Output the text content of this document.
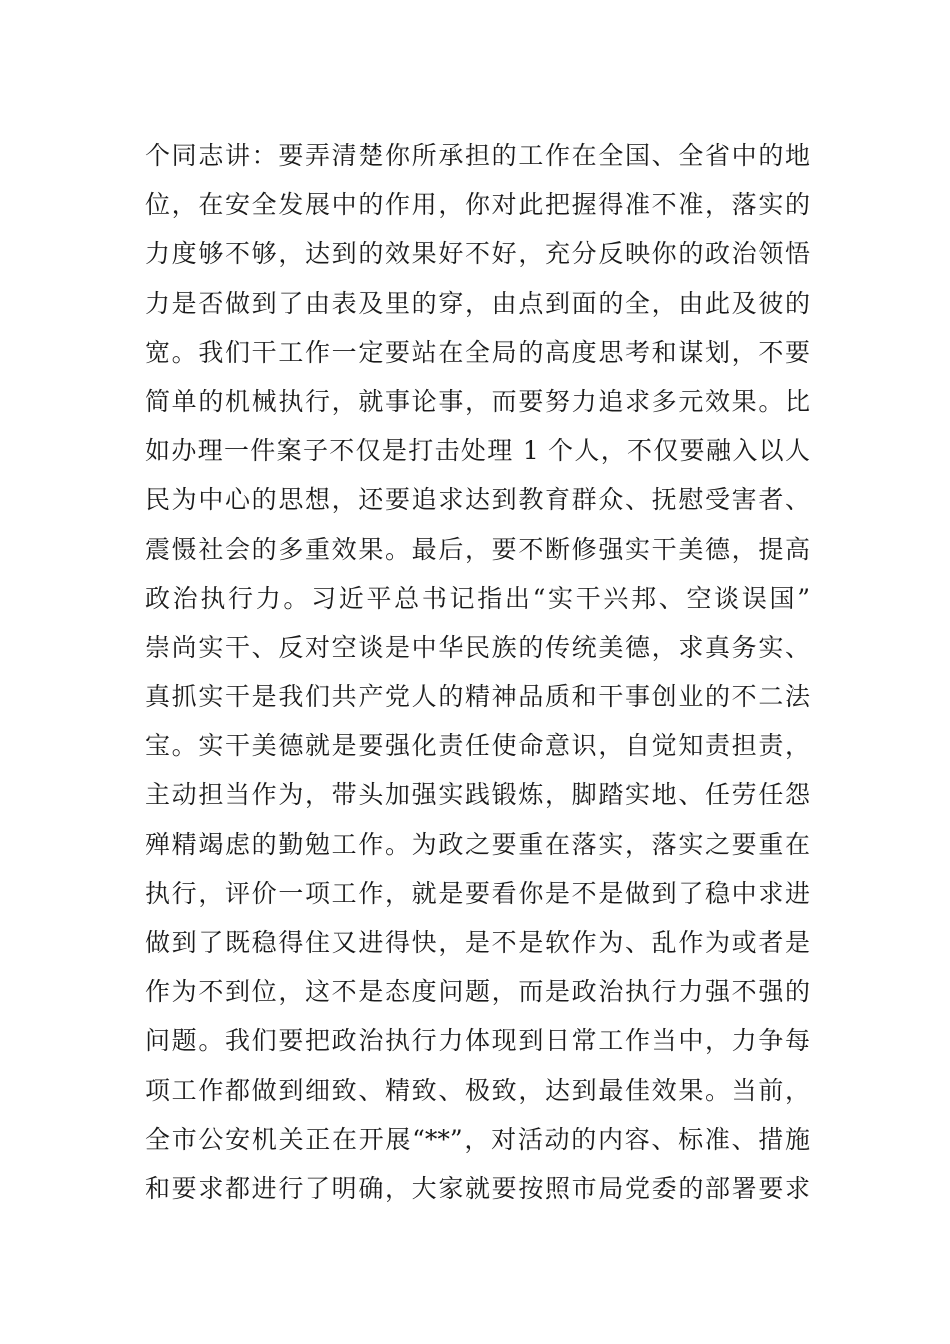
个同志讲：要弄清楚你所承担的工作在全国、全省中的地
位，在安全发展中的作用，你对此把握得准不准，落实的
力度够不够，达到的效果好不好，充分反映你的政治领悟
力是否做到了由表及里的穿，由点到面的全，由此及彼的
宽。我们干工作一定要站在全局的高度思考和谋划，不要
简单的机械执行，就事论事，而要努力追求多元效果。比
如办理一件案子不仅是打击处理 1 个人，不仅要融入以人
民为中心的思想，还要追求达到教育群众、抚慰受害者、
震慑社会的多重效果。最后，要不断修强实干美德，提高
政治执行力。习近平总书记指出“实干兴邦、空谈误国”
崇尚实干、反对空谈是中华民族的传统美德，求真务实、
真抓实干是我们共产党人的精神品质和干事创业的不二法
宝。实干美德就是要强化责任使命意识，自觉知责担责，
主动担当作为，带头加强实践锻炼，脚踏实地、任劳任怨
殚精竭虑的勤勉工作。为政之要重在落实，落实之要重在
执行，评价一项工作，就是要看你是不是做到了稳中求进
做到了既稳得住又进得快，是不是软作为、乱作为或者是
作为不到位，这不是态度问题，而是政治执行力强不强的
问题。我们要把政治执行力体现到日常工作当中，力争每
项工作都做到细致、精致、极致，达到最佳效果。当前，
全市公安机关正在开展“**”，对活动的内容、标准、措施
和要求都进行了明确，大家就要按照市局党委的部署要求
